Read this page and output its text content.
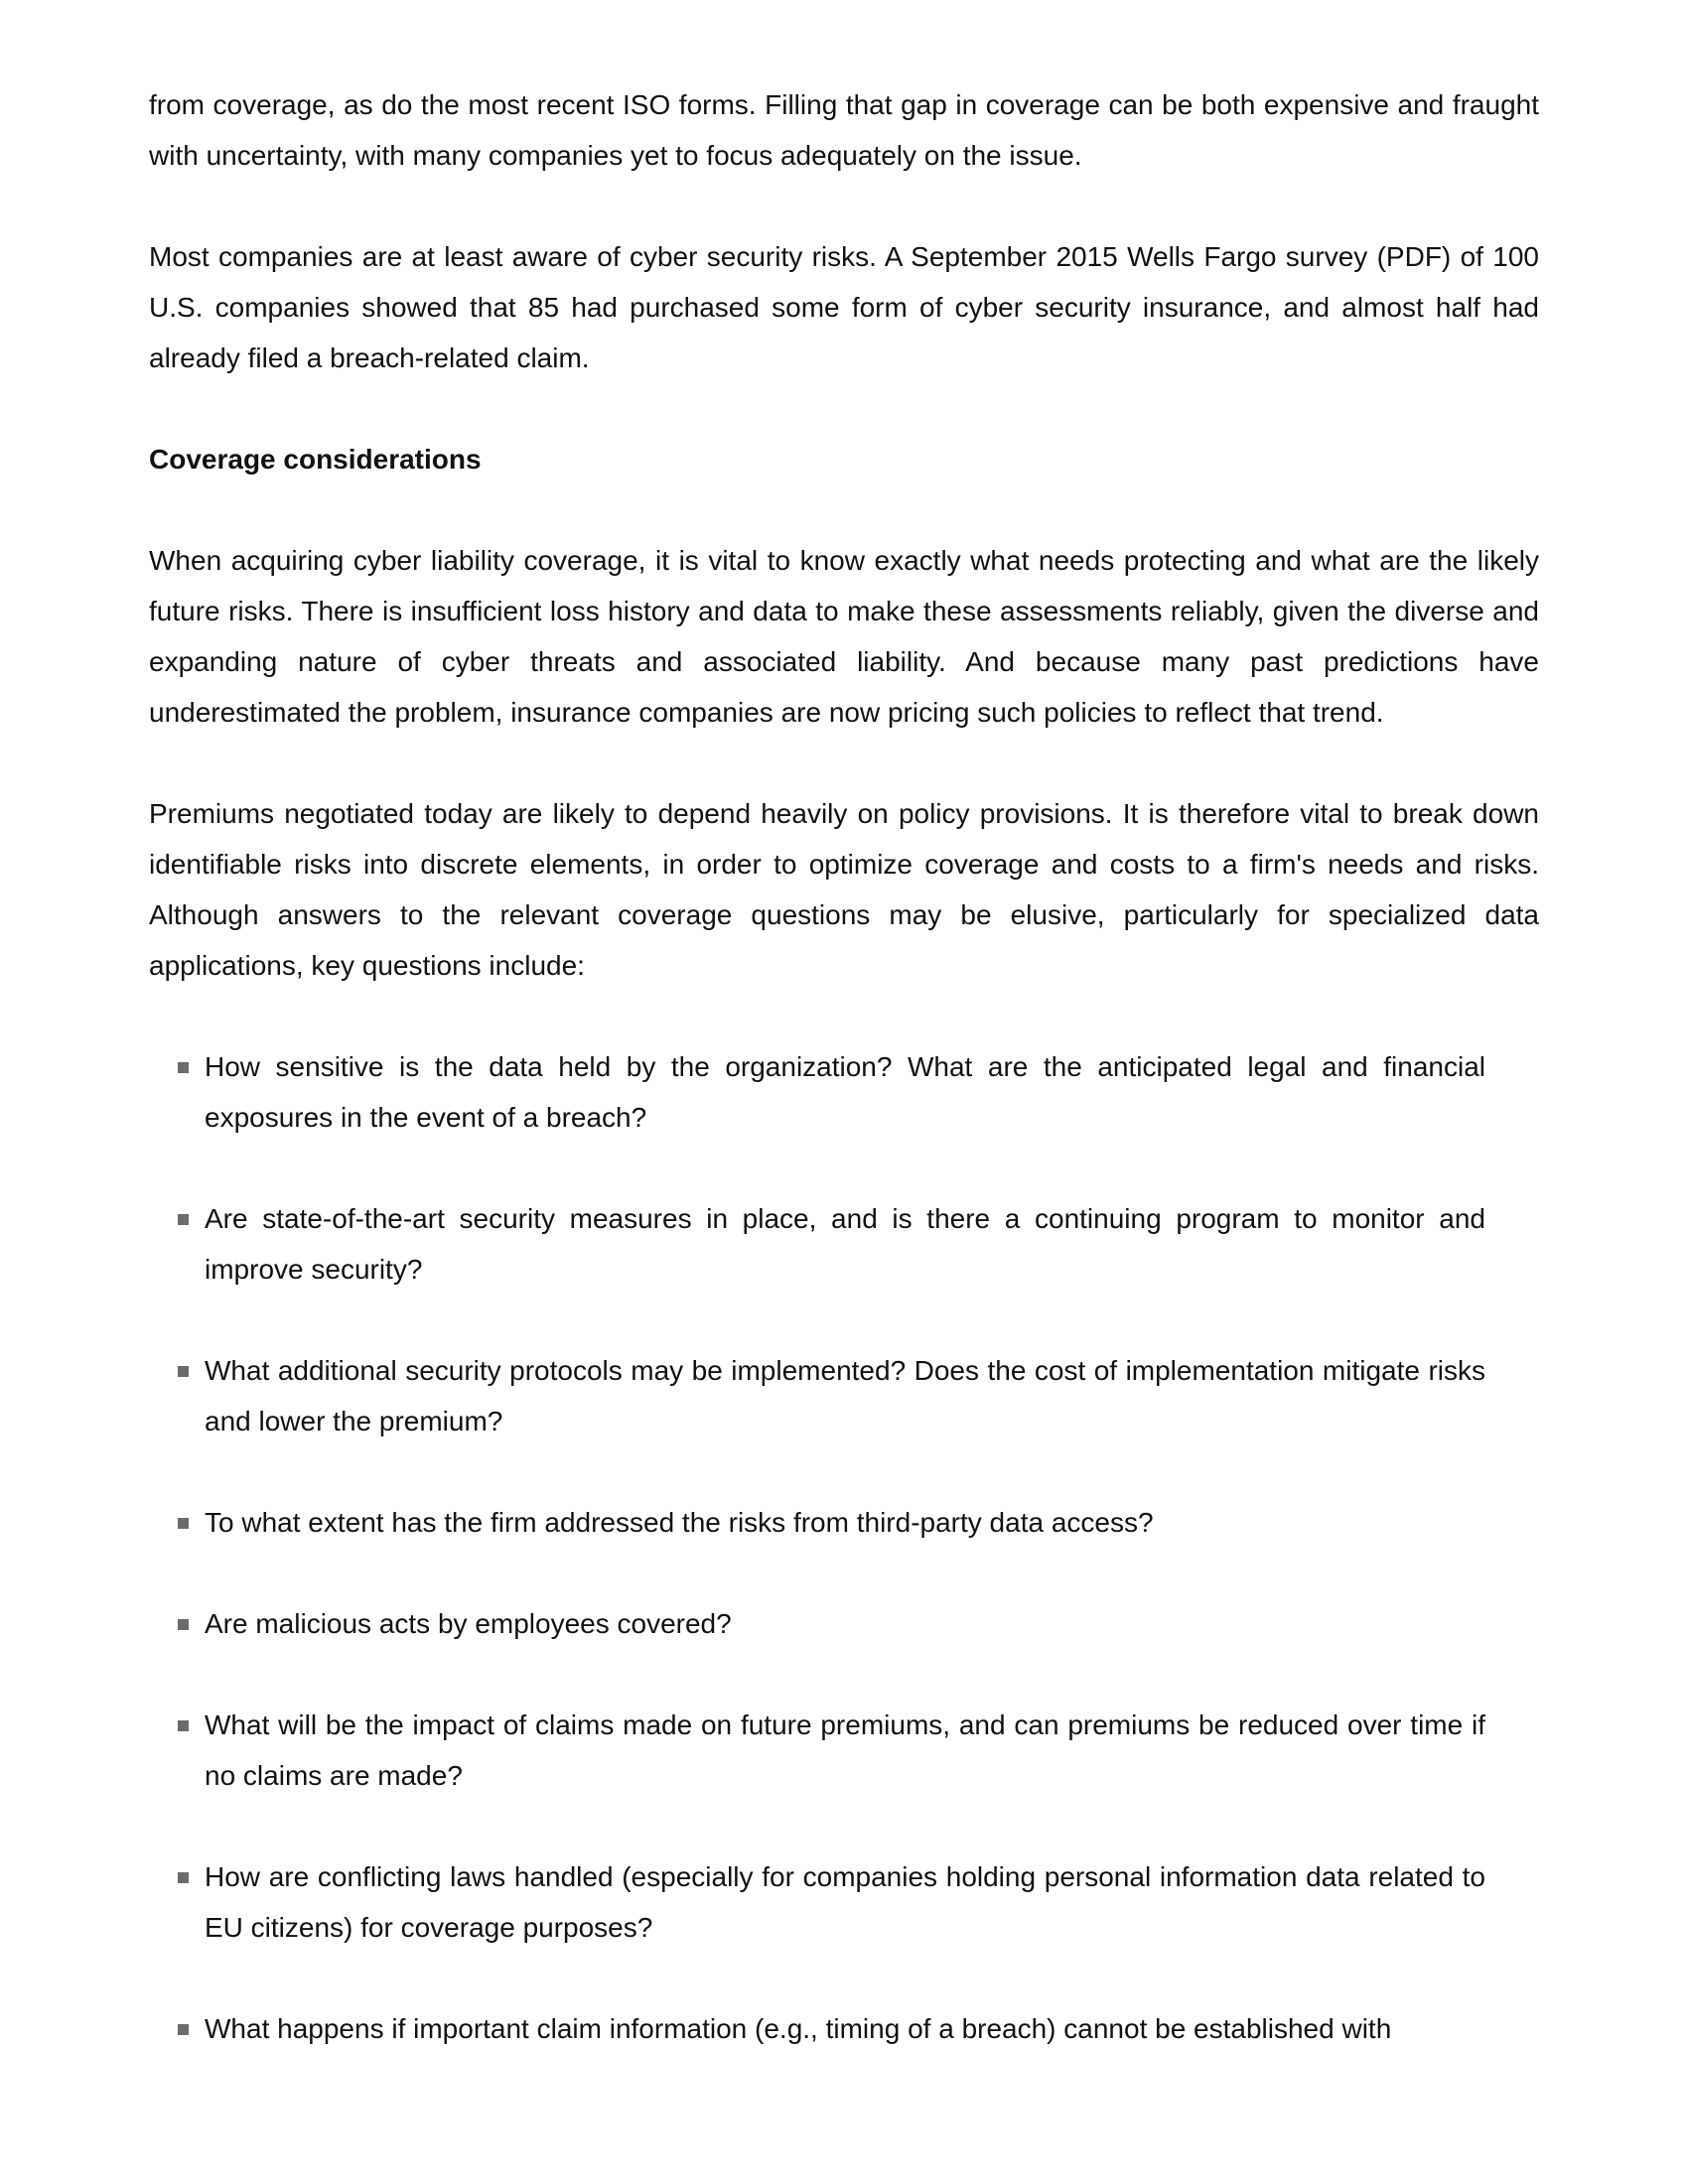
from coverage, as do the most recent ISO forms. Filling that gap in coverage can be both expensive and fraught with uncertainty, with many companies yet to focus adequately on the issue.

Most companies are at least aware of cyber security risks. A September 2015 Wells Fargo survey (PDF) of 100 U.S. companies showed that 85 had purchased some form of cyber security insurance, and almost half had already filed a breach-related claim.

Coverage considerations

When acquiring cyber liability coverage, it is vital to know exactly what needs protecting and what are the likely future risks. There is insufficient loss history and data to make these assessments reliably, given the diverse and expanding nature of cyber threats and associated liability. And because many past predictions have underestimated the problem, insurance companies are now pricing such policies to reflect that trend.

Premiums negotiated today are likely to depend heavily on policy provisions. It is therefore vital to break down identifiable risks into discrete elements, in order to optimize coverage and costs to a firm's needs and risks. Although answers to the relevant coverage questions may be elusive, particularly for specialized data applications, key questions include:

How sensitive is the data held by the organization? What are the anticipated legal and financial exposures in the event of a breach?
Are state-of-the-art security measures in place, and is there a continuing program to monitor and improve security?
What additional security protocols may be implemented? Does the cost of implementation mitigate risks and lower the premium?
To what extent has the firm addressed the risks from third-party data access?
Are malicious acts by employees covered?
What will be the impact of claims made on future premiums, and can premiums be reduced over time if no claims are made?
How are conflicting laws handled (especially for companies holding personal information data related to EU citizens) for coverage purposes?
What happens if important claim information (e.g., timing of a breach) cannot be established with
